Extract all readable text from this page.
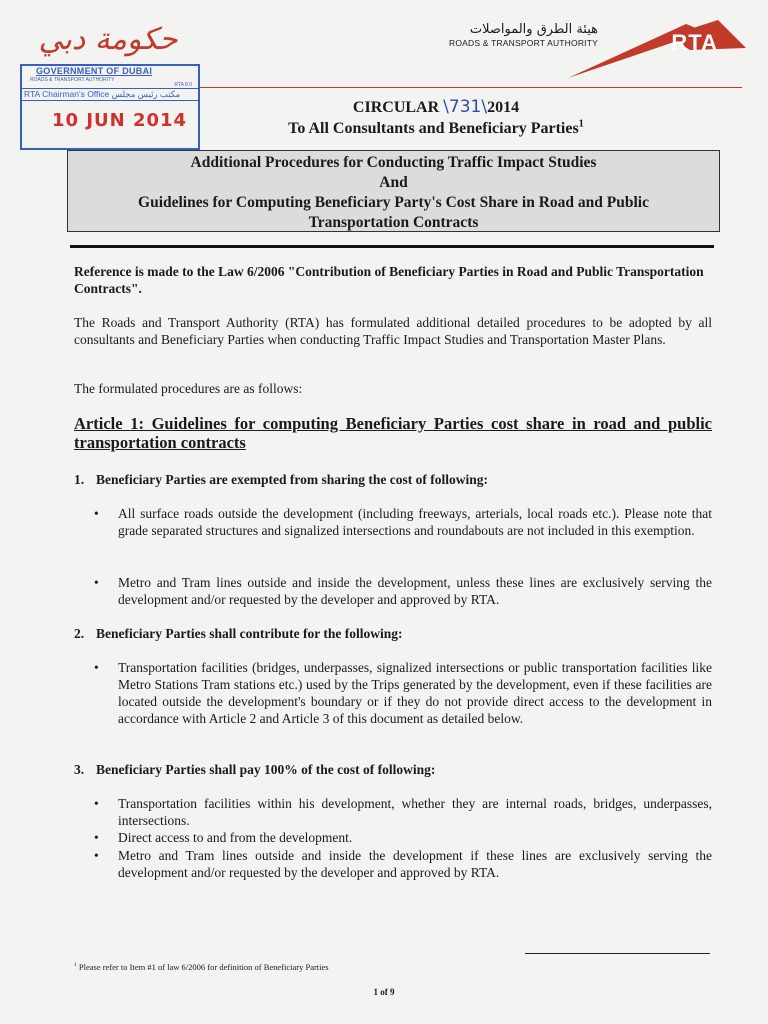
حكومة دبي	هيئة الطرق والمواصلات
ROADS & TRANSPORT AUTHORITY	RTA
GOVERNMENT OF DUBAI
ROADS & TRANSPORT AUTHORITY
RTA 8.0
RTA Chairman's Office مكتب رئيس مجلس
10 JUN 2014
CIRCULAR \731\2014
To All Consultants and Beneficiary Parties$^1$
Additional Procedures for Conducting Traffic Impact Studies
And
Guidelines for Computing Beneficiary Party's Cost Share in Road and Public
Transportation Contracts
Reference is made to the Law 6/2006 "Contribution of Beneficiary Parties in Road and Public Transportation Contracts".
The Roads and Transport Authority (RTA) has formulated additional detailed procedures to be adopted by all consultants and Beneficiary Parties when conducting Traffic Impact Studies and Transportation Master Plans.
The formulated procedures are as follows:
Article 1: Guidelines for computing Beneficiary Parties cost share in road and public transportation contracts
1. Beneficiary Parties are exempted from sharing the cost of following:
• All surface roads outside the development (including freeways, arterials, local roads etc.). Please note that grade separated structures and signalized intersections and roundabouts are not included in this exemption.
• Metro and Tram lines outside and inside the development, unless these lines are exclusively serving the development and/or requested by the developer and approved by RTA.
2. Beneficiary Parties shall contribute for the following:
• Transportation facilities (bridges, underpasses, signalized intersections or public transportation facilities like Metro Stations Tram stations etc.) used by the Trips generated by the development, even if these facilities are located outside the development's boundary or if they do not provide direct access to the development in accordance with Article 2 and Article 3 of this document as detailed below.
3. Beneficiary Parties shall pay 100% of the cost of following:
• Transportation facilities within his development, whether they are internal roads, bridges, underpasses, intersections.
• Direct access to and from the development.
• Metro and Tram lines outside and inside the development if these lines are exclusively serving the development and/or requested by the developer and approved by RTA.
$^1$ Please refer to Item #1 of law 6/2006 for definition of Beneficiary Parties
1 of 9
